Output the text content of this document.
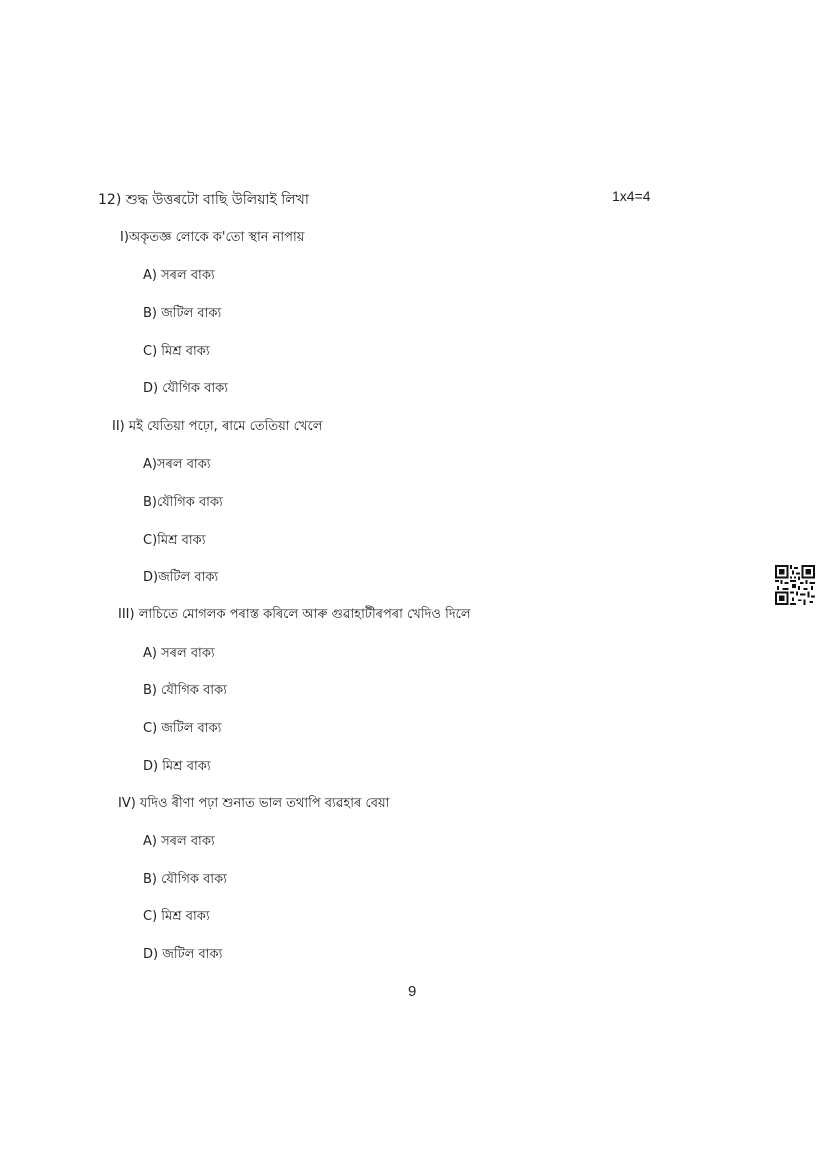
12) শুদ্ধ উত্তৰটো বাছি উলিয়াই লিখা	1x4=4
I)অকৃতজ্ঞ লোকে ক'তো স্থান নাপায়
A) সৰল বাক্য
B) জটিল বাক্য
C) মিশ্ৰ বাক্য
D) যৌগিক বাক্য
II) মই যেতিয়া পঢ়ো, ৰামে তেতিয়া খেলে
A)সৰল বাক্য
B)যৌগিক বাক্য
C)মিশ্ৰ বাক্য
D)জটিল বাক্য
III) লাচিতে মোগলক পৰাস্ত কৰিলে আৰু গুৱাহাটীৰপৰা খেদিও দিলে
A) সৰল বাক্য
B) যৌগিক বাক্য
C) জটিল বাক্য
D) মিশ্ৰ বাক্য
IV) যদিও ৰীণা পঢ়া শুনাত ভাল তথাপি ব্যৱহাৰ বেয়া
A) সৰল বাক্য
B) যৌগিক বাক্য
C) মিশ্ৰ বাক্য
D) জটিল বাক্য
9
